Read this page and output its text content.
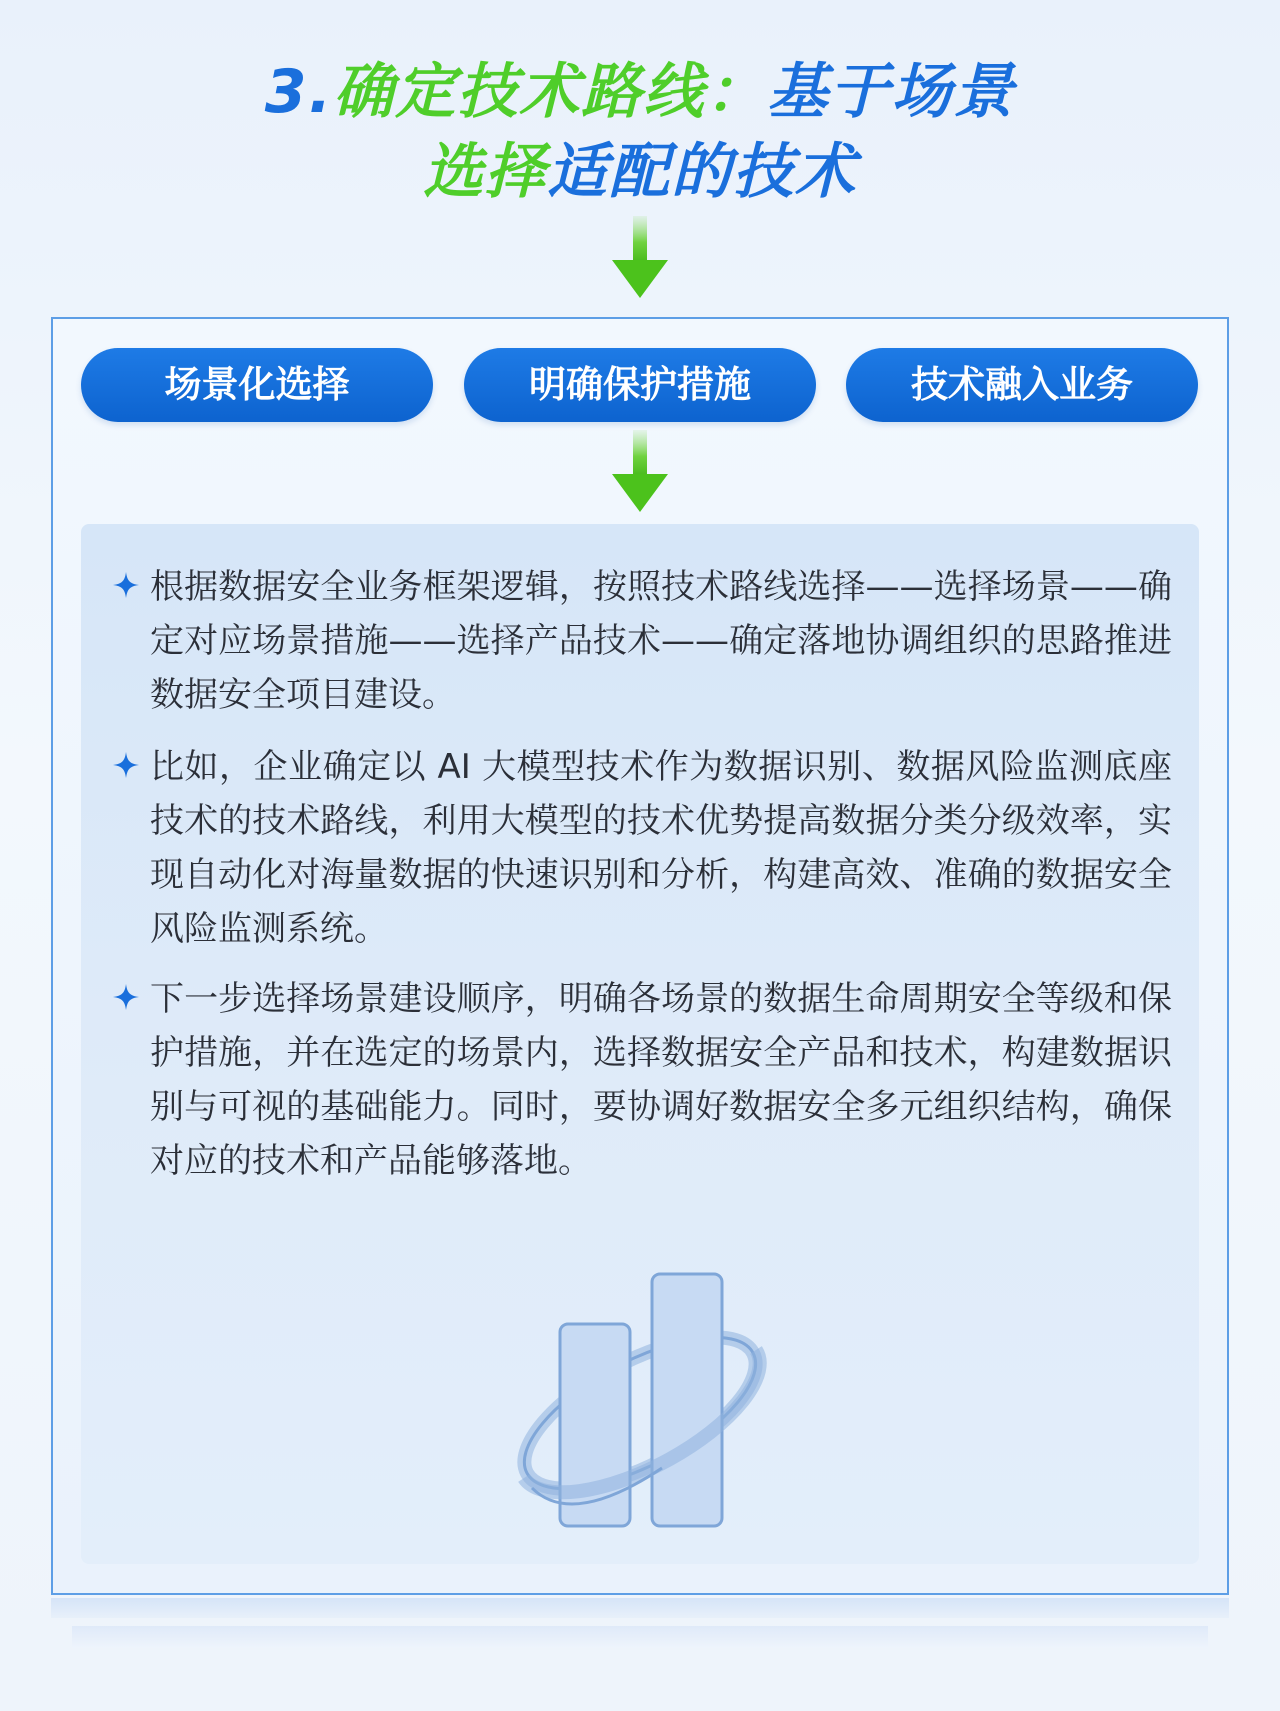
3.确定技术路线：基于场景
选择适配的技术
场景化选择	明确保护措施	技术融入业务

根据数据安全业务框架逻辑，按照技术路线选择——选择场景——确定对应场景措施——选择产品技术——确定落地协调组织的思路推进数据安全项目建设。

比如，企业确定以 AI 大模型技术作为数据识别、数据风险监测底座技术的技术路线，利用大模型的技术优势提高数据分类分级效率，实现自动化对海量数据的快速识别和分析，构建高效、准确的数据安全风险监测系统。

下一步选择场景建设顺序，明确各场景的数据生命周期安全等级和保护措施，并在选定的场景内，选择数据安全产品和技术，构建数据识别与可视的基础能力。同时，要协调好数据安全多元组织结构，确保对应的技术和产品能够落地。
